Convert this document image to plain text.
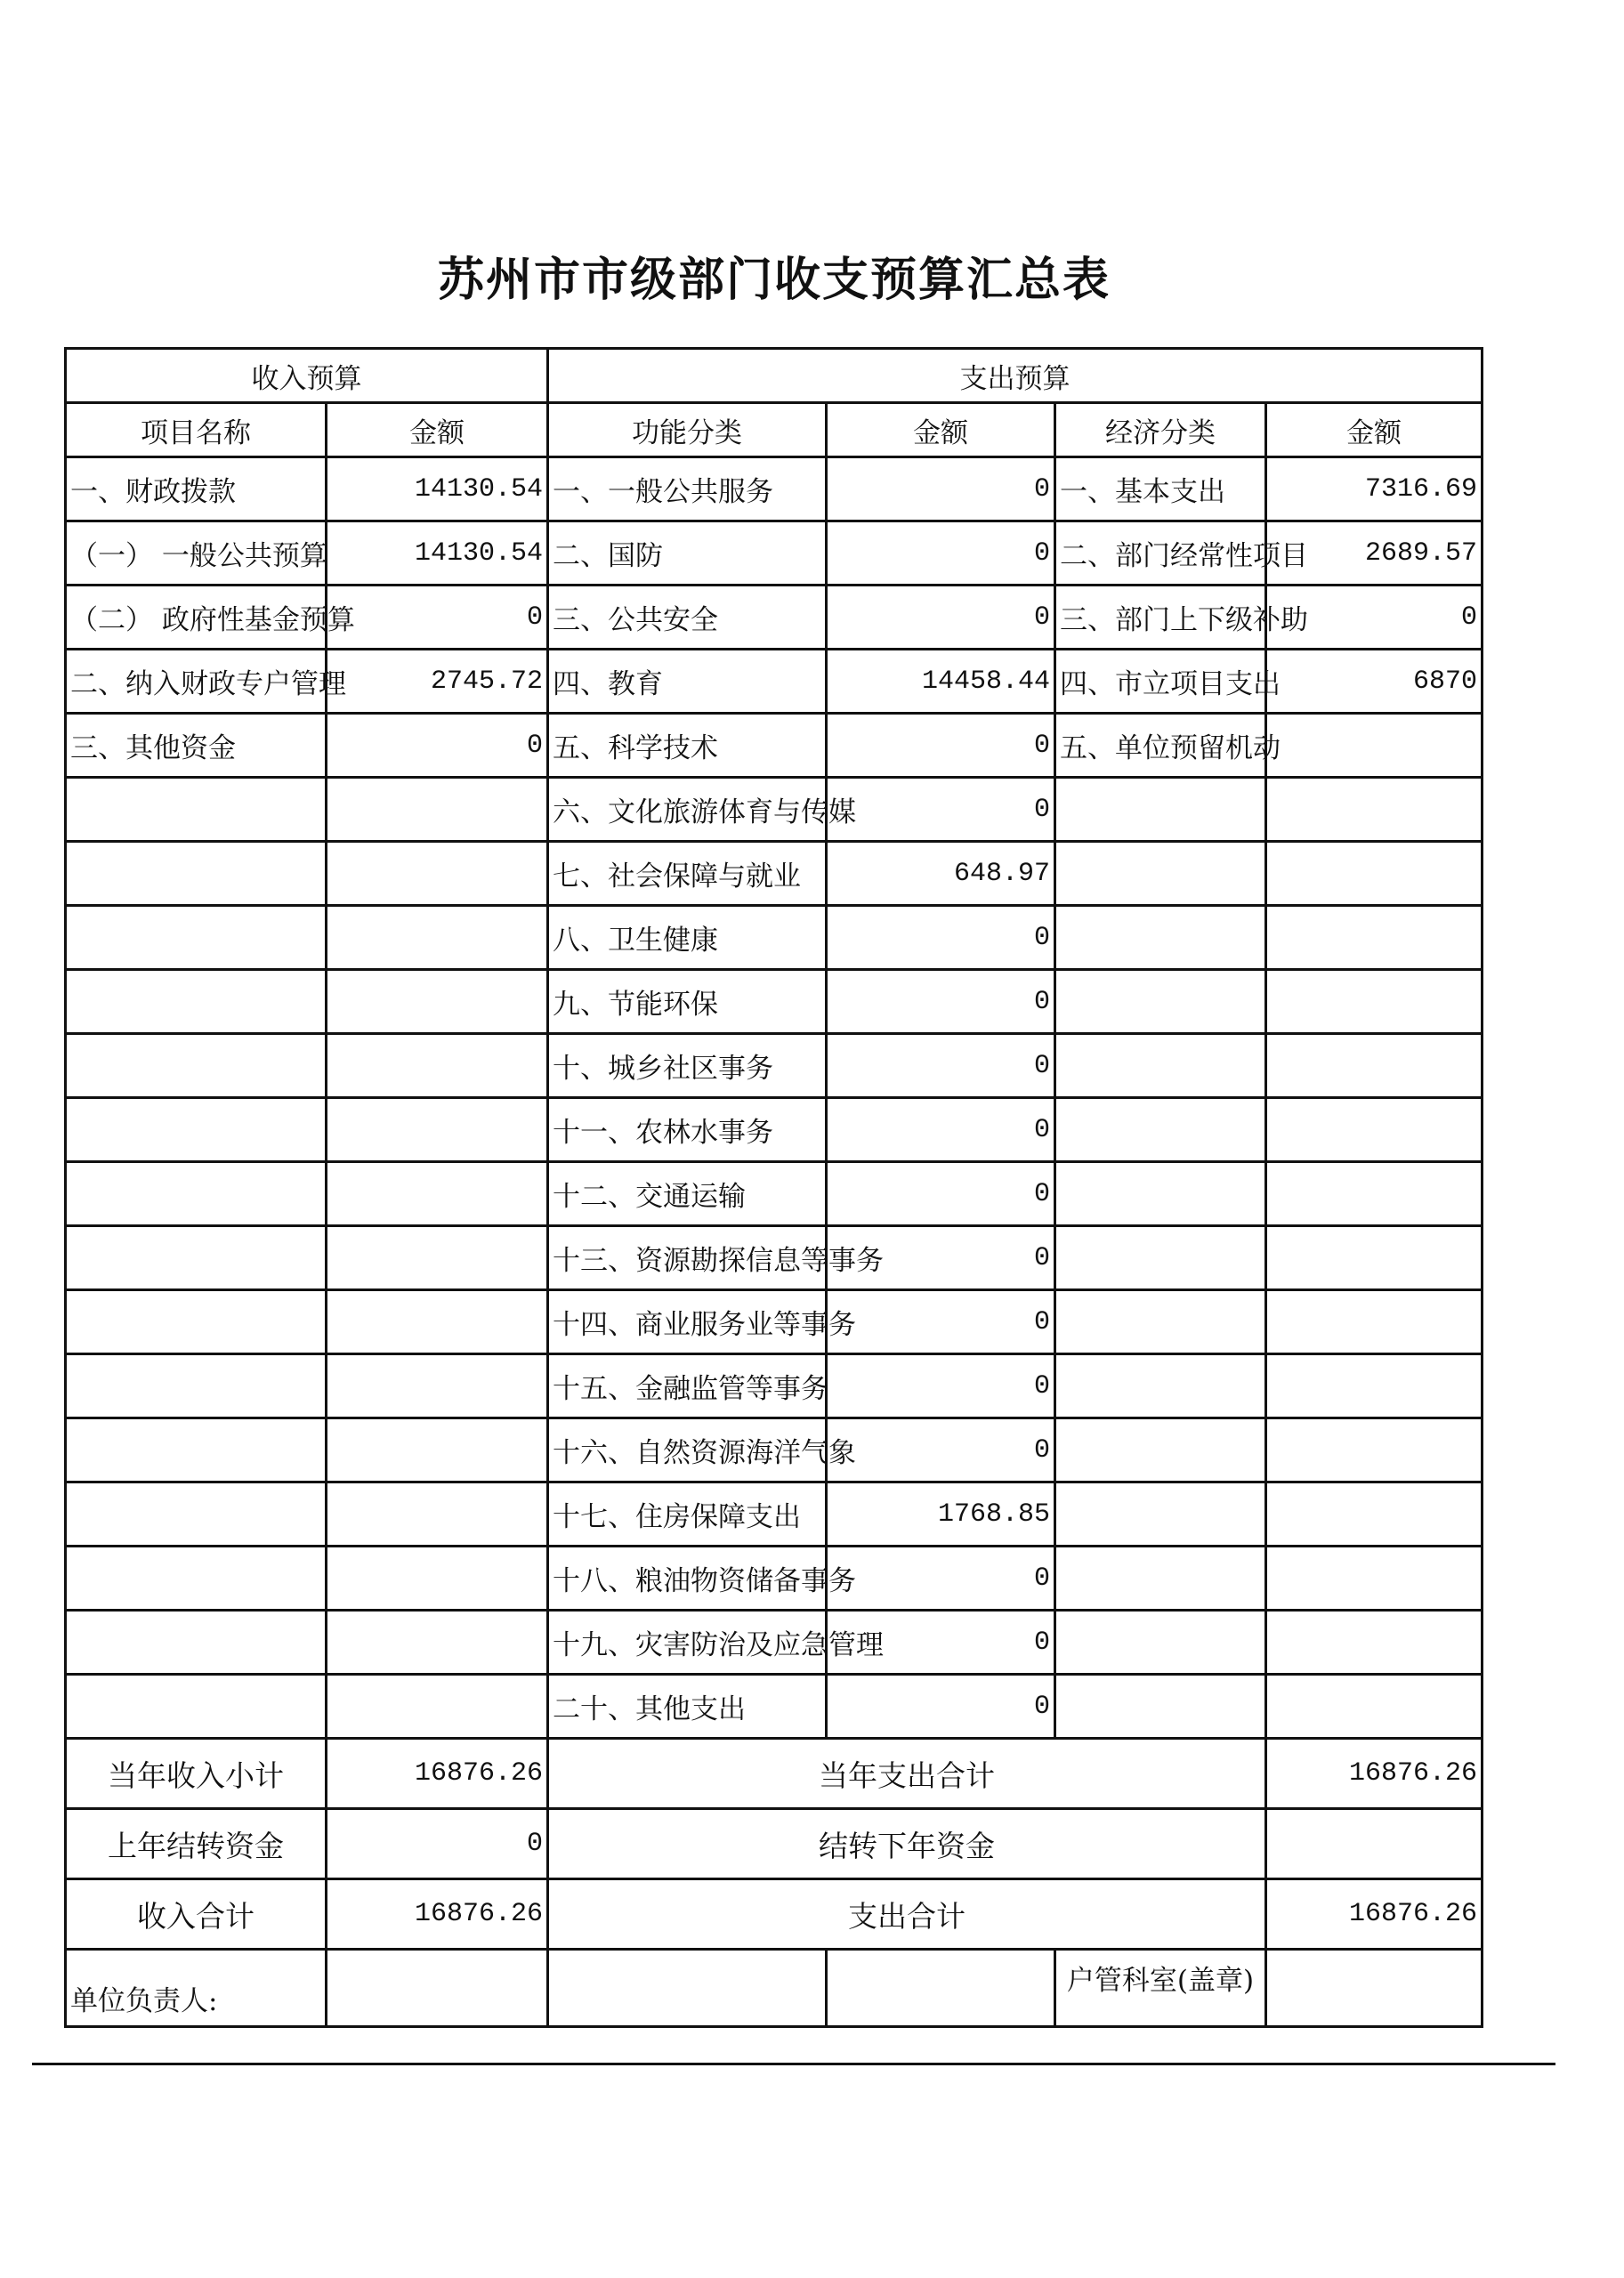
苏州市市级部门收支预算汇总表
收入预算		支出预算			
项目名称	金额	功能分类	金额	经济分类	金额
一、财政拨款	14130.54	一、一般公共服务	0	一、基本支出	7316.69
（一） 一般公共预算	14130.54	二、国防	0	二、部门经常性项目	2689.57
（二） 政府性基金预算	0	三、公共安全	0	三、部门上下级补助	0
二、纳入财政专户管理	2745.72	四、教育	14458.44	四、市立项目支出	6870
三、其他资金	0	五、科学技术	0	五、单位预留机动	
		六、文化旅游体育与传媒	0		
		七、社会保障与就业	648.97		
		八、卫生健康	0		
		九、节能环保	0		
		十、城乡社区事务	0		
		十一、农林水事务	0		
		十二、交通运输	0		
		十三、资源勘探信息等事务	0		
		十四、商业服务业等事务	0		
		十五、金融监管等事务	0		
		十六、自然资源海洋气象	0		
		十七、住房保障支出	1768.85		
		十八、粮油物资储备事务	0		
		十九、灾害防治及应急管理	0		
		二十、其他支出	0		
当年收入小计	16876.26	当年支出合计			16876.26
上年结转资金	0	结转下年资金			
收入合计	16876.26	支出合计			16876.26
单位负责人:				户管科室(盖章)	
